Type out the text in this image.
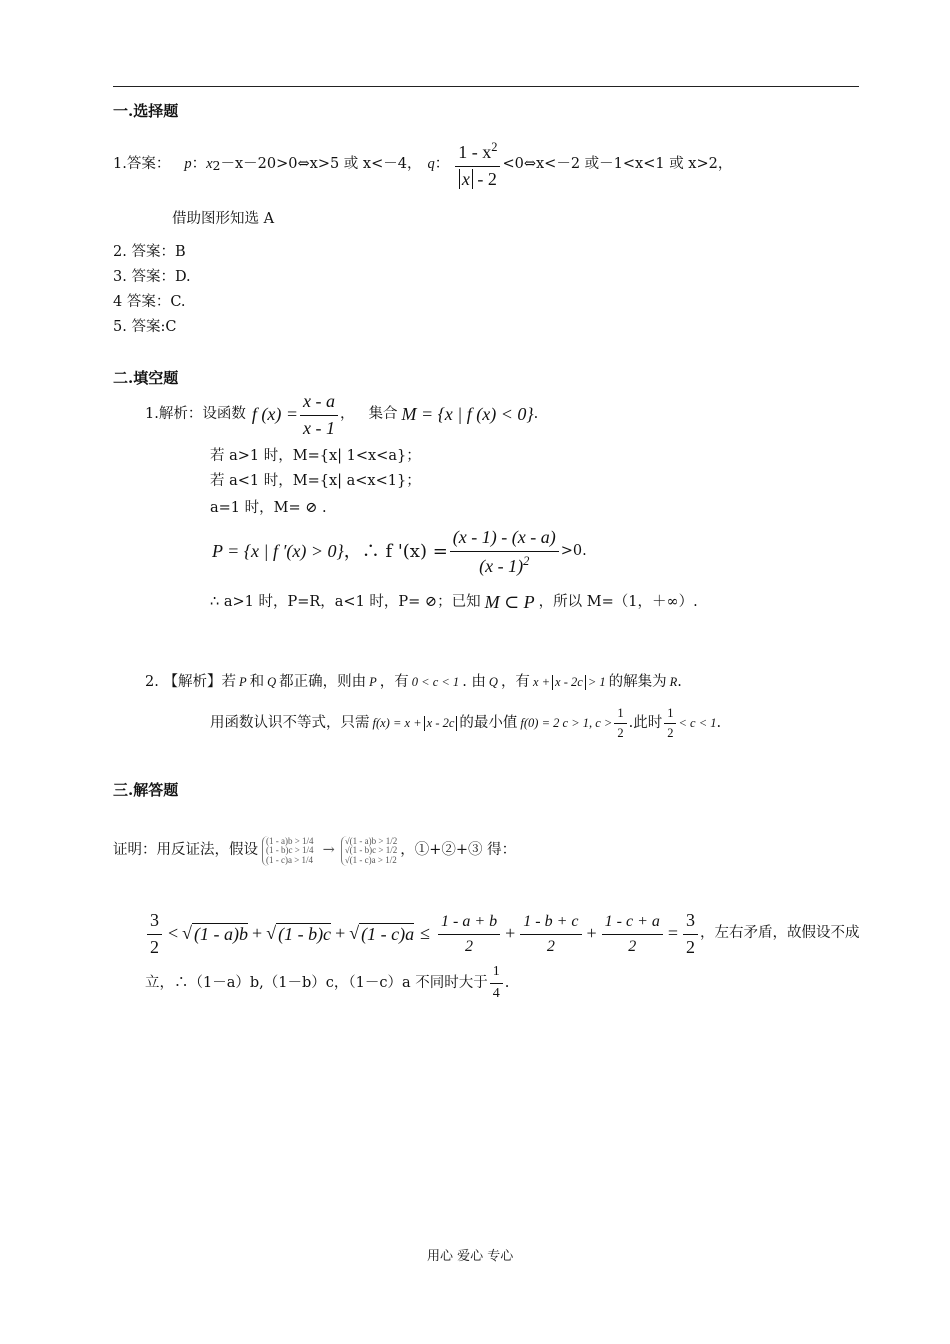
一.选择题
1.答案： p ： x 2 －x－20>0⇔x>5 或 x<－4， q ： $\frac{1 - x^2}{x - 2}$ <0⇔x<－2 或－1<x<1 或 x>2，
借助图形知选 A
2. 答案：B
3. 答案：D.
4 答案：C.
5. 答案:C
二.填空题
1.解析：设函数 f $(x) = \frac{x - a}{x - 1}$ ， 集合 M = {x | f (x) < 0} .
若 a>1 时，M={x| 1<x<a}；
若 a<1 时，M={x| a<x<1}；
a=1 时，M= ⊘ .
P = {x | f ′(x) > 0} ，∴ f '$(x) = \frac{(x - 1) - (x - a)}{(x - 1)^2} >0$.
∴ a>1 时，P=R，a<1 时，P= ⊘；已知 M ⊂ P ，所以 M=（1，＋∞）.
2. 【解析】若 P 和 Q 都正确，则由 P ，有 0 < c < 1 . 由 Q ，有 x + x - 2c > 1 的解集为 R .
用函数认识不等式，只需 f(x) = x + x - 2c 的最小值 f(0) = 2 c > 1, $c > \frac{1}{2}$ .此时 $\frac{1}{2} < c < 1$ .
三.解答题
证明：用反证法，假设
(1 - a)b > 1/4
(1 - b)c > 1/4
(1 - c)a > 1/4
→
√(1 - a)b > 1/2
√(1 - b)c > 1/2
√(1 - c)a > 1/2
，①+②+③ 得：
$\frac{3}{2}$ < √ (1 - a)b + √ (1 - b)c + √ $(1 - c)a \le \frac{1 - a + b}{2} + \frac{1 - b + c}{2} + \frac{1 - c + a}{2} = \frac{3}{2}$ ，左右矛盾，故假设不成
立，∴（1－a）b,（1－b）c，（1－c）a 不同时大于 $\frac{1}{4}$ .
用心 爱心 专心
